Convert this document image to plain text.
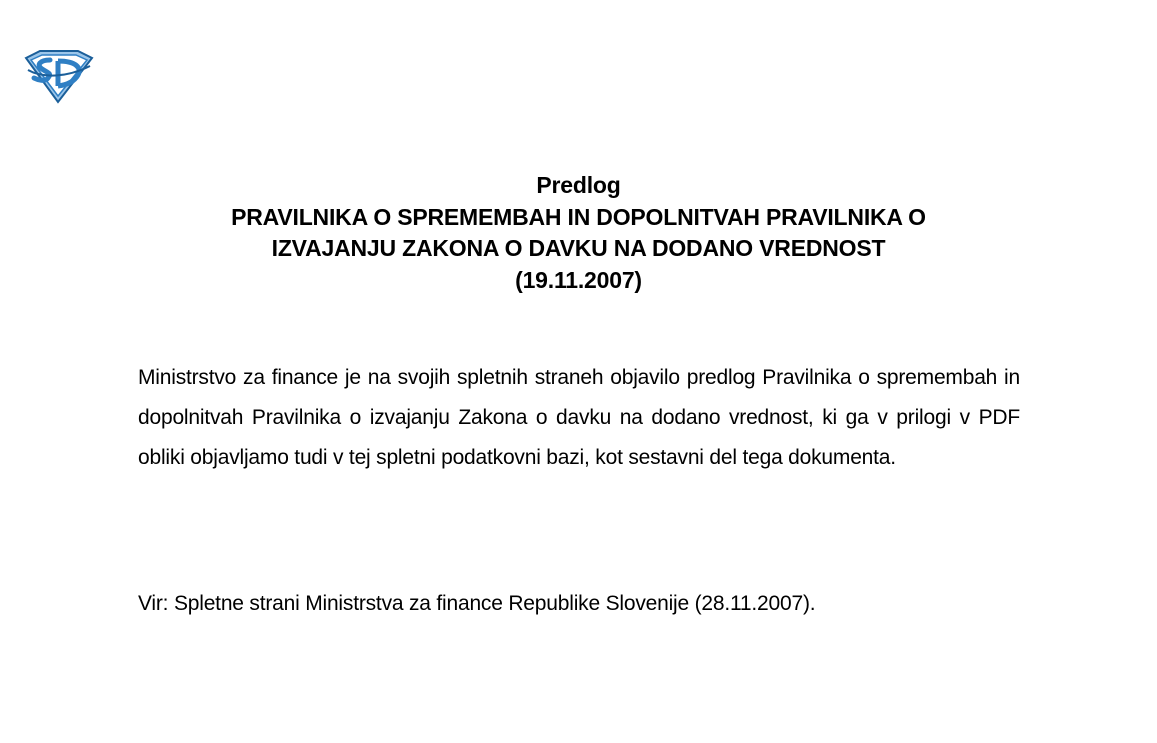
Predlog
PRAVILNIKA O SPREMEMBAH IN DOPOLNITVAH PRAVILNIKA O
IZVAJANJU ZAKONA O DAVKU NA DODANO VREDNOST
(19.11.2007)
Ministrstvo za finance je na svojih spletnih straneh objavilo predlog Pravilnika o spremembah in dopolnitvah Pravilnika o izvajanju Zakona o davku na dodano vrednost, ki ga v prilogi v PDF obliki objavljamo tudi v tej spletni podatkovni bazi, kot sestavni del tega dokumenta.
Vir: Spletne strani Ministrstva za finance Republike Slovenije (28.11.2007).
